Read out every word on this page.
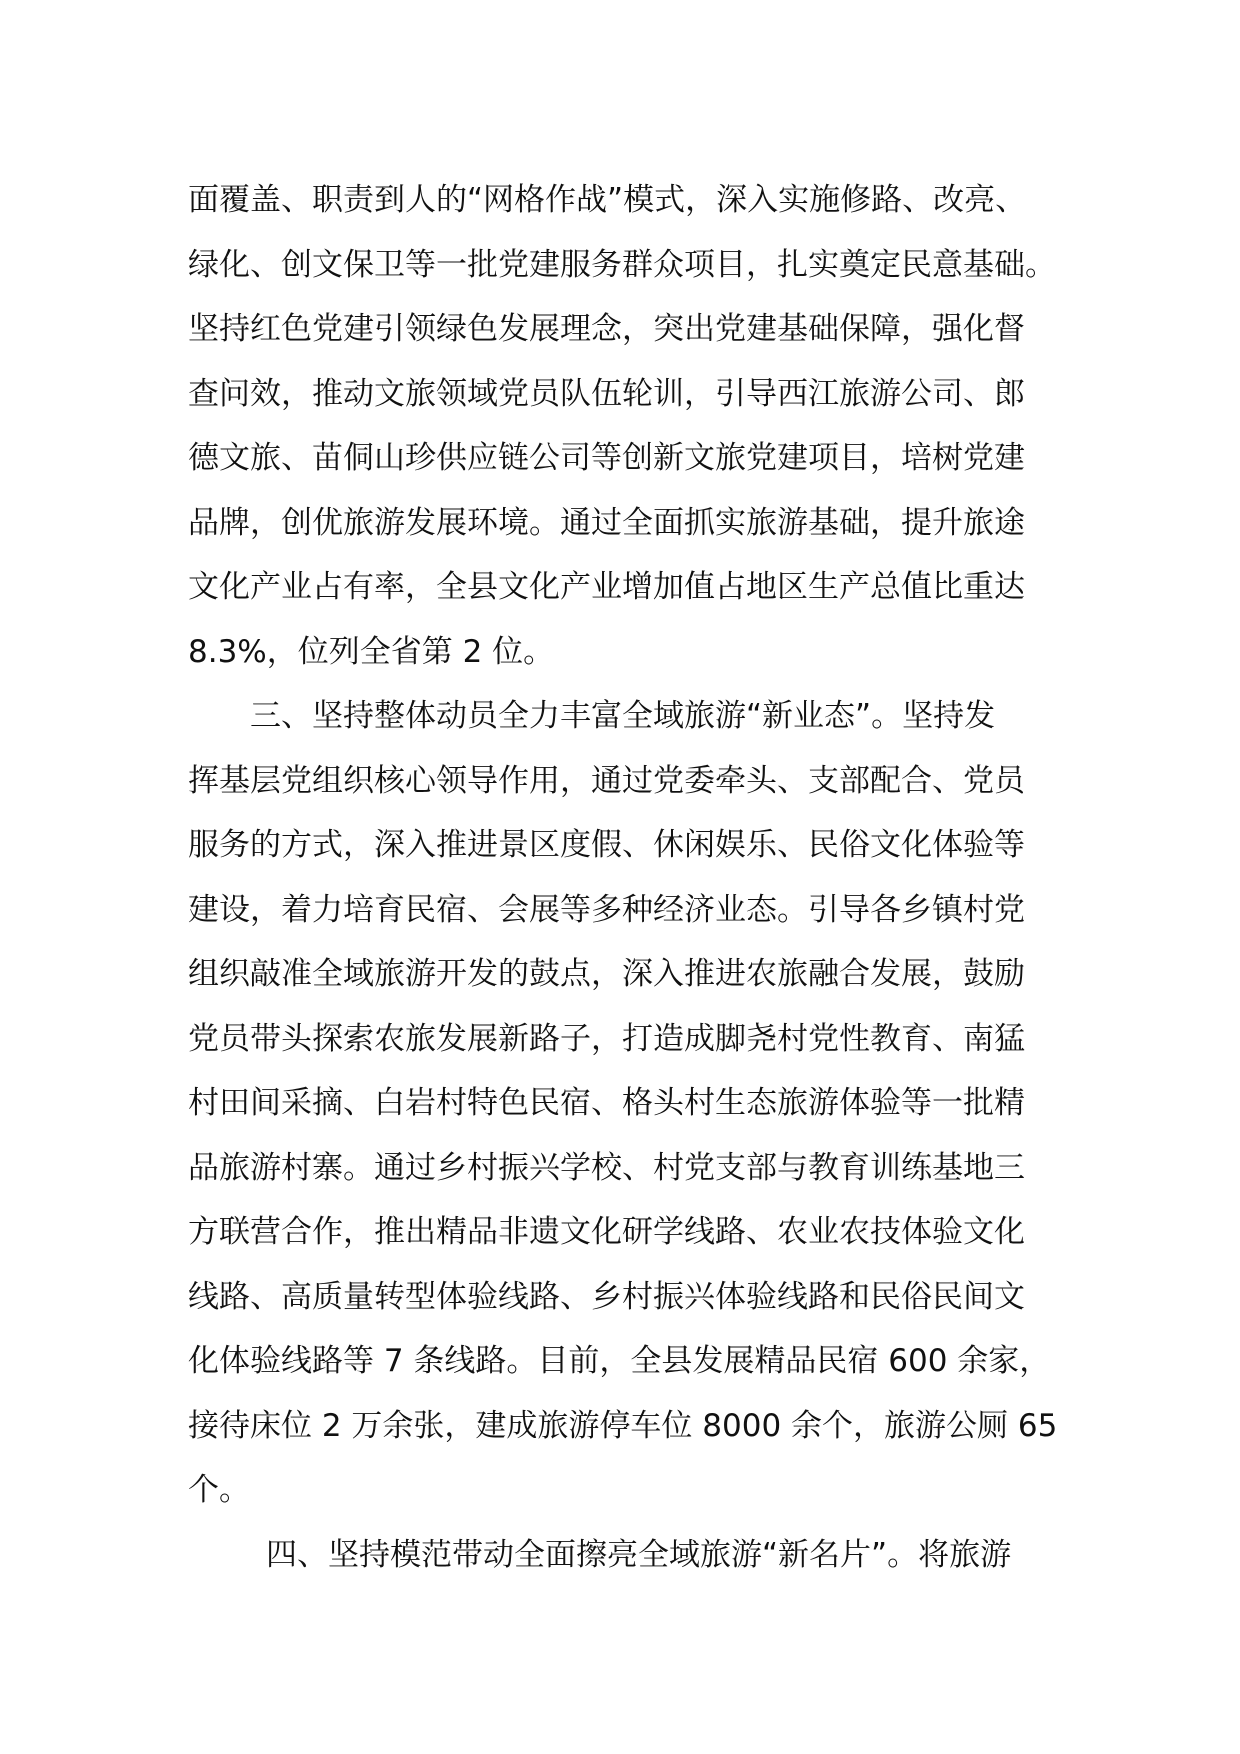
面覆盖、职责到人的“网格作战”模式，深入实施修路、改亮、
绿化、创文保卫等一批党建服务群众项目，扎实奠定民意基础。
坚持红色党建引领绿色发展理念，突出党建基础保障，强化督
查问效，推动文旅领域党员队伍轮训，引导西江旅游公司、郎
德文旅、苗侗山珍供应链公司等创新文旅党建项目，培树党建
品牌，创优旅游发展环境。通过全面抓实旅游基础，提升旅途
文化产业占有率，全县文化产业增加值占地区生产总值比重达
8.3%，位列全省第 2 位。
三、坚持整体动员全力丰富全域旅游“新业态”。坚持发
挥基层党组织核心领导作用，通过党委牵头、支部配合、党员
服务的方式，深入推进景区度假、休闲娱乐、民俗文化体验等
建设，着力培育民宿、会展等多种经济业态。引导各乡镇村党
组织敲准全域旅游开发的鼓点，深入推进农旅融合发展，鼓励
党员带头探索农旅发展新路子，打造成脚尧村党性教育、南猛
村田间采摘、白岩村特色民宿、格头村生态旅游体验等一批精
品旅游村寨。通过乡村振兴学校、村党支部与教育训练基地三
方联营合作，推出精品非遗文化研学线路、农业农技体验文化
线路、高质量转型体验线路、乡村振兴体验线路和民俗民间文
化体验线路等 7 条线路。目前，全县发展精品民宿 600 余家，
接待床位 2 万余张，建成旅游停车位 8000 余个，旅游公厕 65
个。
四、坚持模范带动全面擦亮全域旅游“新名片”。将旅游
